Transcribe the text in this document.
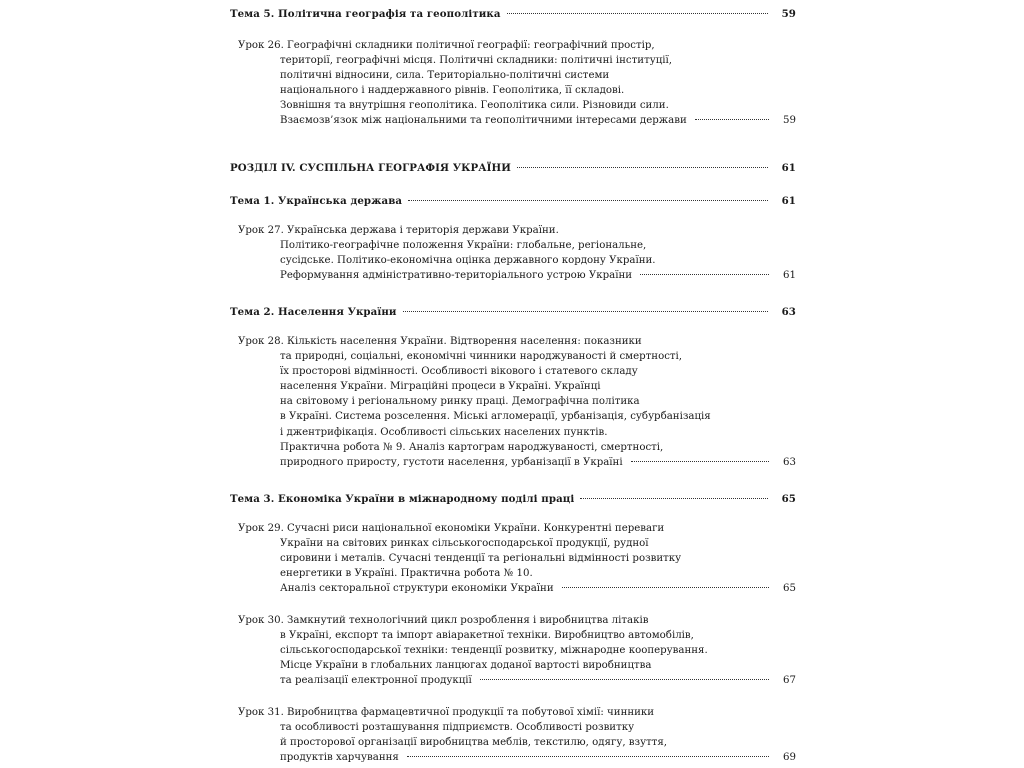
Тема 5. Політична географія та геополітика	59
Урок 26. Географічні складники політичної географії: географічний простір,
території, географічні місця. Політичні складники: політичні інституції,
політичні відносини, сила. Територіально-політичні системи
національного і наддержавного рівнів. Геополітика, її складові.
Зовнішня та внутрішня геополітика. Геополітика сили. Різновиди сили.
Взаємозв’язок між національними та геополітичними інтересами держави	59
РОЗДІЛ IV. СУСПІЛЬНА ГЕОГРАФІЯ УКРАЇНИ	61
Тема 1. Українська держава	61
Урок 27. Українська держава і територія держави України.
Політико-географічне положення України: глобальне, регіональне,
сусідське. Політико-економічна оцінка державного кордону України.
Реформування адміністративно-територіального устрою України	61
Тема 2. Населення України	63
Урок 28. Кількість населення України. Відтворення населення: показники
та природні, соціальні, економічні чинники народжуваності й смертності,
їх просторові відмінності. Особливості вікового і статевого складу
населення України. Міграційні процеси в Україні. Українці
на світовому і регіональному ринку праці. Демографічна політика
в Україні. Система розселення. Міські агломерації, урбанізація, субурбанізація
і джентрифікація. Особливості сільських населених пунктів.
Практична робота № 9. Аналіз картограм народжуваності, смертності,
природного приросту, густоти населення, урбанізації в Україні	63
Тема 3. Економіка України в міжнародному поділі праці	65
Урок 29. Сучасні риси національної економіки України. Конкурентні переваги
України на світових ринках сільськогосподарської продукції, рудної
сировини і металів. Сучасні тенденції та регіональні відмінності розвитку
енергетики в Україні. Практична робота № 10.
Аналіз секторальної структури економіки України	65
Урок 30. Замкнутий технологічний цикл розроблення і виробництва літаків
в Україні, експорт та імпорт авіаракетної техніки. Виробництво автомобілів,
сільськогосподарської техніки: тенденції розвитку, міжнародне кооперування.
Місце України в глобальних ланцюгах доданої вартості виробництва
та реалізації електронної продукції	67
Урок 31. Виробництва фармацевтичної продукції та побутової хімії: чинники
та особливості розташування підприємств. Особливості розвитку
й просторової організації виробництва меблів, текстилю, одягу, взуття,
продуктів харчування	69
